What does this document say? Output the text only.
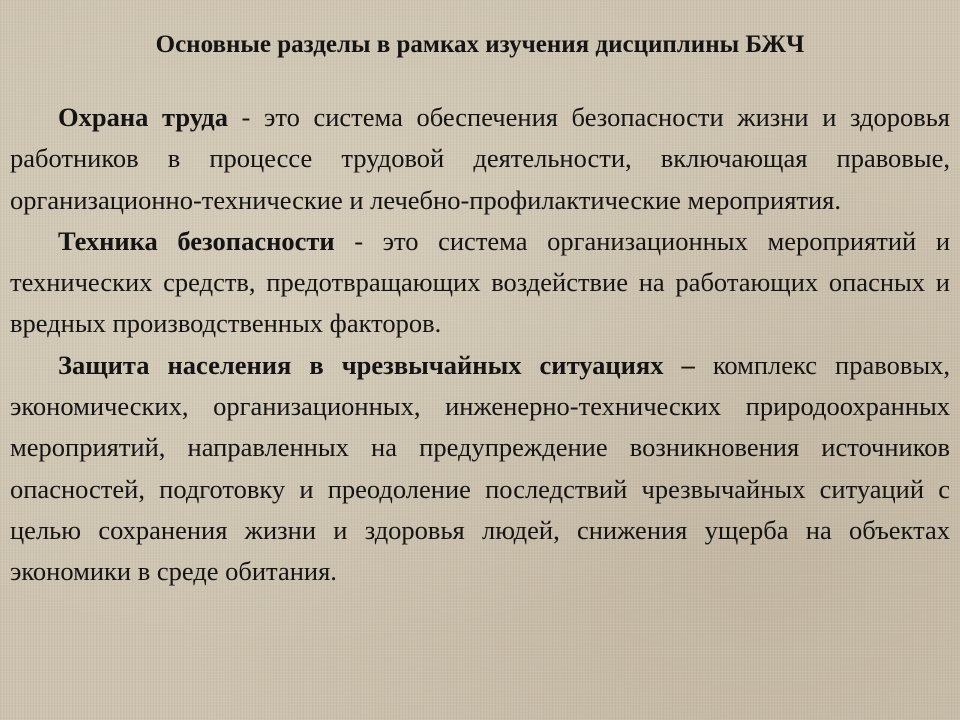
Основные разделы в рамках изучения дисциплины БЖЧ

Охрана труда - это система обеспечения безопасности жизни и здоровья работников в процессе трудовой деятельности, включающая правовые, организационно-технические и лечебно-профилактические мероприятия.

Техника безопасности - это система организационных мероприятий и технических средств, предотвращающих воздействие на работающих опасных и вредных производственных факторов.

Защита населения в чрезвычайных ситуациях – комплекс правовых, экономических, организационных, инженерно-технических природоохранных мероприятий, направленных на предупреждение возникновения источников опасностей, подготовку и преодоление последствий чрезвычайных ситуаций с целью сохранения жизни и здоровья людей, снижения ущерба на объектах экономики в среде обитания.
